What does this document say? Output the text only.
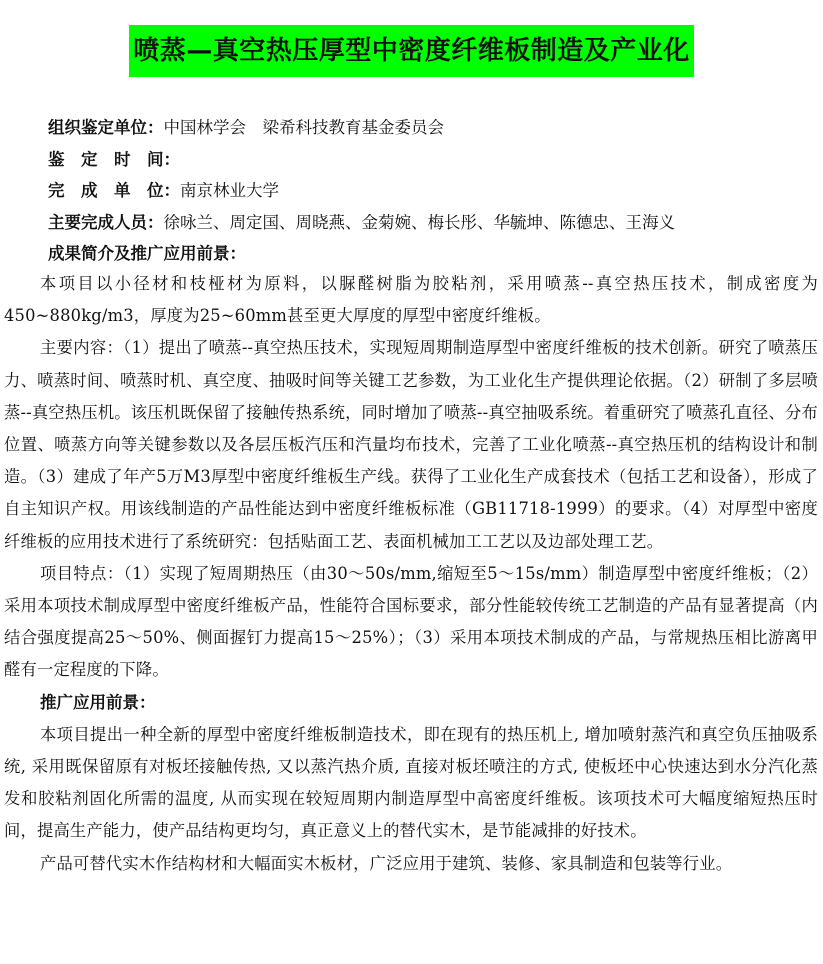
喷蒸—真空热压厚型中密度纤维板制造及产业化
组织鉴定单位：中国林学会　梁希科技教育基金委员会
鉴　定　时　间：
完　成　单　位：南京林业大学
主要完成人员：徐咏兰、周定国、周晓燕、金菊婉、梅长彤、华毓坤、陈德忠、王海义
成果简介及推广应用前景：

本项目以小径材和枝桠材为原料，以脲醛树脂为胶粘剂，采用喷蒸--真空热压技术，制成密度为450~880kg/m3，厚度为25~60mm甚至更大厚度的厚型中密度纤维板。

主要内容：（1）提出了喷蒸--真空热压技术，实现短周期制造厚型中密度纤维板的技术创新。研究了喷蒸压力、喷蒸时间、喷蒸时机、真空度、抽吸时间等关键工艺参数，为工业化生产提供理论依据。（2）研制了多层喷蒸--真空热压机。该压机既保留了接触传热系统，同时增加了喷蒸--真空抽吸系统。着重研究了喷蒸孔直径、分布位置、喷蒸方向等关键参数以及各层压板汽压和汽量均布技术，完善了工业化喷蒸--真空热压机的结构设计和制造。（3）建成了年产5万M3厚型中密度纤维板生产线。获得了工业化生产成套技术（包括工艺和设备），形成了自主知识产权。用该线制造的产品性能达到中密度纤维板标准（GB11718-1999）的要求。（4）对厚型中密度纤维板的应用技术进行了系统研究：包括贴面工艺、表面机械加工工艺以及边部处理工艺。

项目特点：（1）实现了短周期热压（由30～50s/mm,缩短至5～15s/mm）制造厚型中密度纤维板；（2）采用本项技术制成厚型中密度纤维板产品，性能符合国标要求，部分性能较传统工艺制造的产品有显著提高（内结合强度提高25～50%、侧面握钉力提高15～25%）；（3）采用本项技术制成的产品，与常规热压相比游离甲醛有一定程度的下降。

推广应用前景：

本项目提出一种全新的厚型中密度纤维板制造技术，即在现有的热压机上, 增加喷射蒸汽和真空负压抽吸系统, 采用既保留原有对板坯接触传热, 又以蒸汽热介质, 直接对板坯喷注的方式, 使板坯中心快速达到水分汽化蒸发和胶粘剂固化所需的温度, 从而实现在较短周期内制造厚型中高密度纤维板。该项技术可大幅度缩短热压时间，提高生产能力，使产品结构更均匀，真正意义上的替代实木，是节能减排的好技术。

产品可替代实木作结构材和大幅面实木板材，广泛应用于建筑、装修、家具制造和包装等行业。
